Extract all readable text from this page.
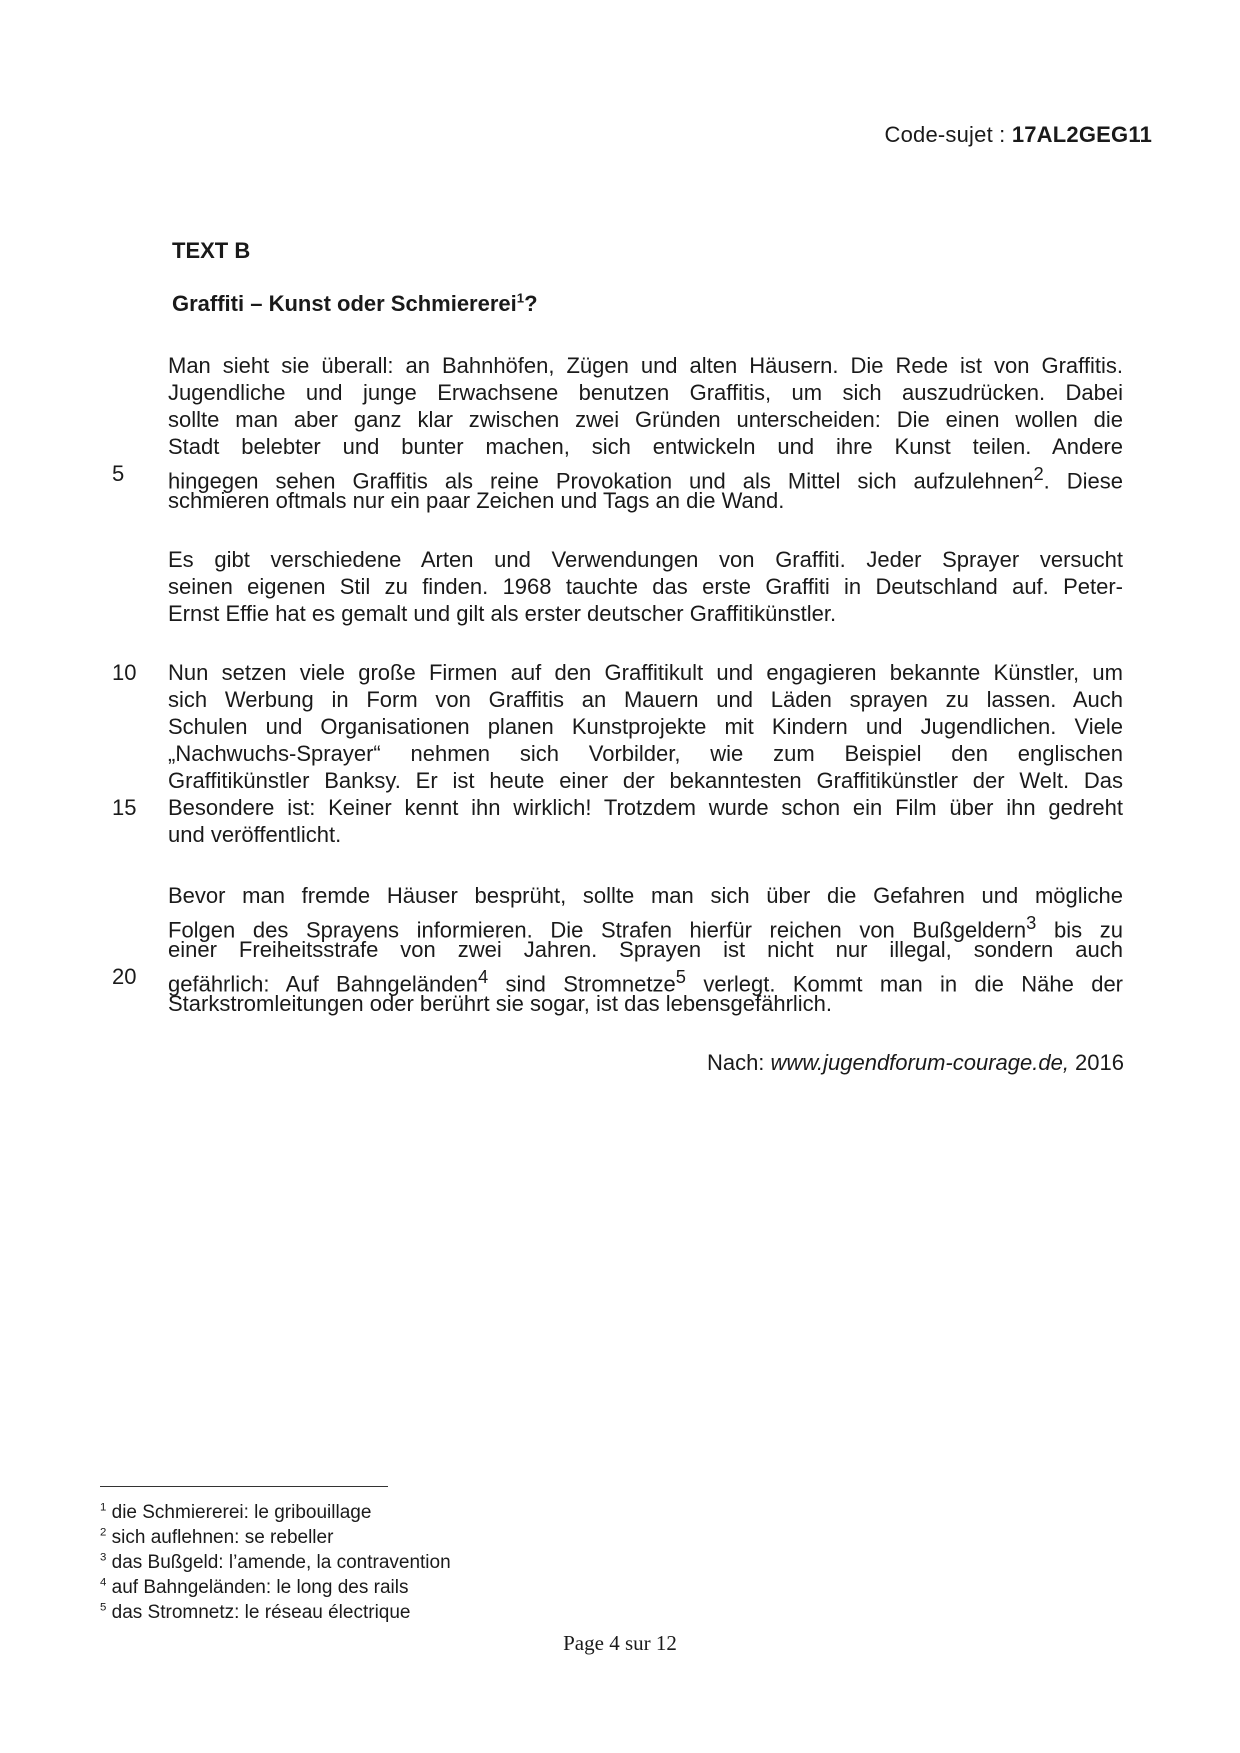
Code-sujet : 17AL2GEG11
TEXT B
Graffiti – Kunst oder Schmiererei$^1$?
Man sieht sie überall: an Bahnhöfen, Zügen und alten Häusern. Die Rede ist von Graffitis.
Jugendliche und junge Erwachsene benutzen Graffitis, um sich auszudrücken. Dabei
sollte man aber ganz klar zwischen zwei Gründen unterscheiden: Die einen wollen die
Stadt belebter und bunter machen, sich entwickeln und ihre Kunst teilen. Andere
5	hingegen sehen Graffitis als reine Provokation und als Mittel sich aufzulehnen$^2$. Diese
schmieren oftmals nur ein paar Zeichen und Tags an die Wand.
Es gibt verschiedene Arten und Verwendungen von Graffiti. Jeder Sprayer versucht
seinen eigenen Stil zu finden. 1968 tauchte das erste Graffiti in Deutschland auf. Peter-
Ernst Effie hat es gemalt und gilt als erster deutscher Graffitikünstler.
10	Nun setzen viele große Firmen auf den Graffitikult und engagieren bekannte Künstler, um
sich Werbung in Form von Graffitis an Mauern und Läden sprayen zu lassen. Auch
Schulen und Organisationen planen Kunstprojekte mit Kindern und Jugendlichen. Viele
„Nachwuchs-Sprayer“ nehmen sich Vorbilder, wie zum Beispiel den englischen
Graffitikünstler Banksy. Er ist heute einer der bekanntesten Graffitikünstler der Welt. Das
15	Besondere ist: Keiner kennt ihn wirklich! Trotzdem wurde schon ein Film über ihn gedreht
und veröffentlicht.
Bevor man fremde Häuser besprüht, sollte man sich über die Gefahren und mögliche
Folgen des Sprayens informieren. Die Strafen hierfür reichen von Bußgeldern$^3$ bis zu
einer Freiheitsstrafe von zwei Jahren. Sprayen ist nicht nur illegal, sondern auch
20	gefährlich: Auf Bahngeländen$^4$ sind Stromnetze$^5$ verlegt. Kommt man in die Nähe der
Starkstromleitungen oder berührt sie sogar, ist das lebensgefährlich.
Nach: www.jugendforum-courage.de, 2016
$^1$ die Schmiererei: le gribouillage
$^2$ sich auflehnen: se rebeller
$^3$ das Bußgeld: l’amende, la contravention
$^4$ auf Bahngeländen: le long des rails
$^5$ das Stromnetz: le réseau électrique
Page 4 sur 12
